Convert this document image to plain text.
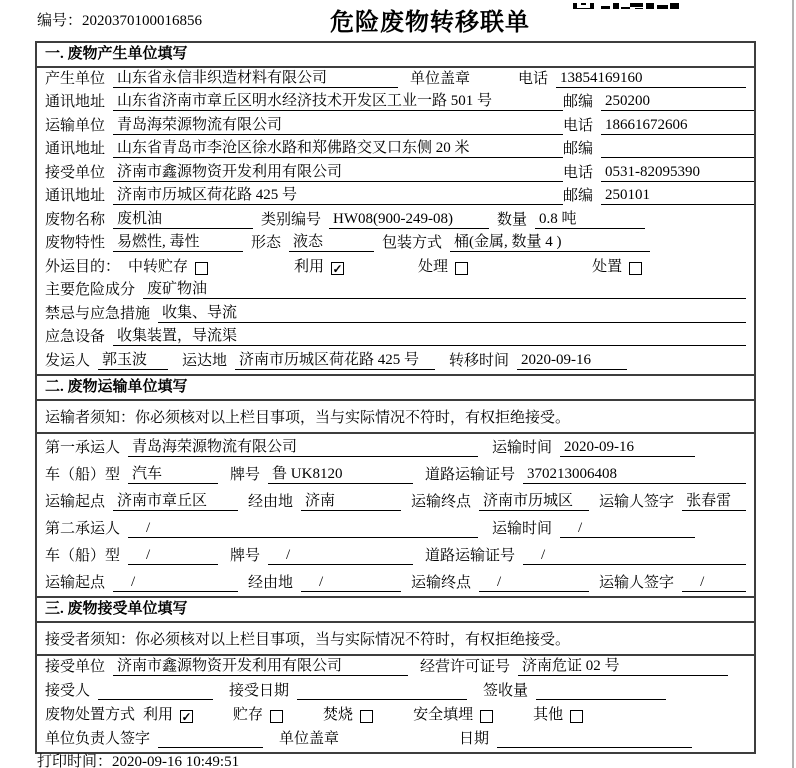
编号：2020370100016856	危险废物转移联单
一. 废物产生单位填写
产生单位 山东省永信非织造材料有限公司	单位盖章	电话 13854169160
通讯地址 山东省济南市章丘区明水经济技术开发区工业一路 501 号	邮编 250200
运输单位 青岛海荣源物流有限公司	电话 18661672606
通讯地址 山东省青岛市李沧区徐水路和郑佛路交叉口东侧 20 米	邮编
接受单位 济南市鑫源物资开发利用有限公司	电话 0531-82095390
通讯地址 济南市历城区荷花路 425 号	邮编 250101
废物名称 废机油	类别编号 HW08(900-249-08)	数量 0.8 吨
废物特性 易燃性, 毒性	形态 液态	包装方式 桶(金属, 数量 4 )
外运目的： 中转贮存	利用 ✓	处理	处置
主要危险成分 废矿物油
禁忌与应急措施 收集、导流
应急设备 收集装置，导流渠
发运人 郭玉波	运达地 济南市历城区荷花路 425 号	转移时间 2020-09-16
二. 废物运输单位填写
运输者须知：你必须核对以上栏目事项，当与实际情况不符时，有权拒绝接受。
第一承运人 青岛海荣源物流有限公司	运输时间 2020-09-16
车（船）型 汽车	牌号 鲁 UK8120	道路运输证号 370213006408
运输起点 济南市章丘区	经由地 济南	运输终点 济南市历城区	运输人签字 张春雷
第二承运人	/	运输时间	/
车（船）型	/	牌号	/	道路运输证号	/
运输起点	/	经由地	/	运输终点	/	运输人签字	/
三. 废物接受单位填写
接受者须知：你必须核对以上栏目事项，当与实际情况不符时，有权拒绝接受。
接受单位 济南市鑫源物资开发利用有限公司	经营许可证号 济南危证 02 号
接受人	接受日期	签收量
废物处置方式 利用 ✓	贮存	焚烧	安全填埋	其他
单位负责人签字	单位盖章	日期
打印时间：2020-09-16 10:49:51
